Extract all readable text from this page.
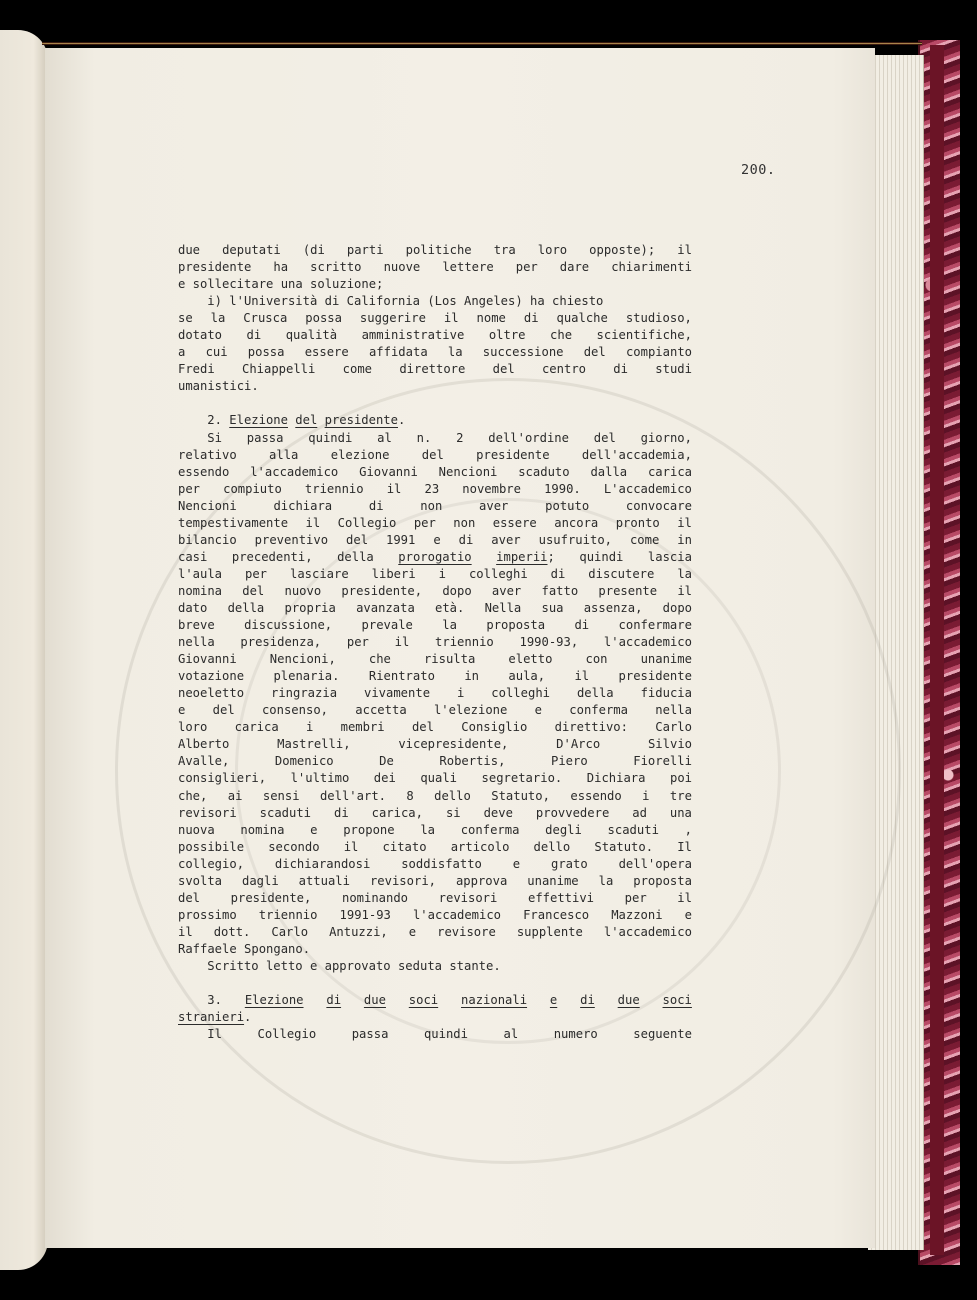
200.
due deputati (di parti politiche tra loro opposte); il
presidente ha scritto nuove lettere per dare chiarimenti
e sollecitare una soluzione;
i) l'Università di California (Los Angeles) ha chiesto
se la Crusca possa suggerire il nome di qualche studioso,
dotato di qualità amministrative oltre che scientifiche,
a cui possa essere affidata la successione del compianto
Fredi Chiappelli come direttore del centro di studi
umanistici.
2. Elezione del presidente.
Si passa quindi al n. 2 dell'ordine del giorno,
relativo	alla	elezione	del	presidente	dell'accademia,
essendo l'accademico Giovanni Nencioni scaduto dalla carica
per compiuto triennio il 23 novembre 1990. L'accademico
Nencioni	dichiara	di	non	aver	potuto	convocare
tempestivamente il Collegio per non essere ancora pronto il
bilancio preventivo del 1991 e di aver usufruito, come in
casi precedenti, della prorogatio imperii; quindi lascia
l'aula per lasciare liberi i colleghi di discutere la
nomina del nuovo presidente, dopo aver fatto presente il
dato della propria avanzata età. Nella sua assenza, dopo
breve discussione, prevale la proposta di confermare
nella presidenza, per il triennio 1990-93, l'accademico
Giovanni	Nencioni,	che	risulta	eletto	con	unanime
votazione plenaria. Rientrato in aula, il presidente
neoeletto ringrazia vivamente i colleghi della fiducia
e del consenso, accetta l'elezione e conferma nella
loro carica i membri del Consiglio direttivo: Carlo
Alberto	Mastrelli,	vicepresidente,	D'Arco	Silvio
Avalle,	Domenico	De	Robertis,	Piero	Fiorelli
consiglieri, l'ultimo dei quali segretario. Dichiara poi
che, ai sensi dell'art. 8 dello Statuto, essendo i tre
revisori scaduti di carica, si deve provvedere ad una
nuova nomina e propone la conferma degli scaduti ,
possibile secondo il citato articolo dello Statuto. Il
collegio,	dichiarandosi	soddisfatto	e	grato	dell'opera
svolta dagli attuali revisori, approva unanime la proposta
del	presidente,	nominando	revisori	effettivi	per	il
prossimo triennio 1991-93 l'accademico Francesco Mazzoni e
il dott. Carlo Antuzzi, e revisore supplente l'accademico
Raffaele Spongano.
Scritto letto e approvato seduta stante.
3. Elezione di due soci nazionali e di due soci
stranieri.
Il	Collegio	passa	quindi	al	numero	seguente
